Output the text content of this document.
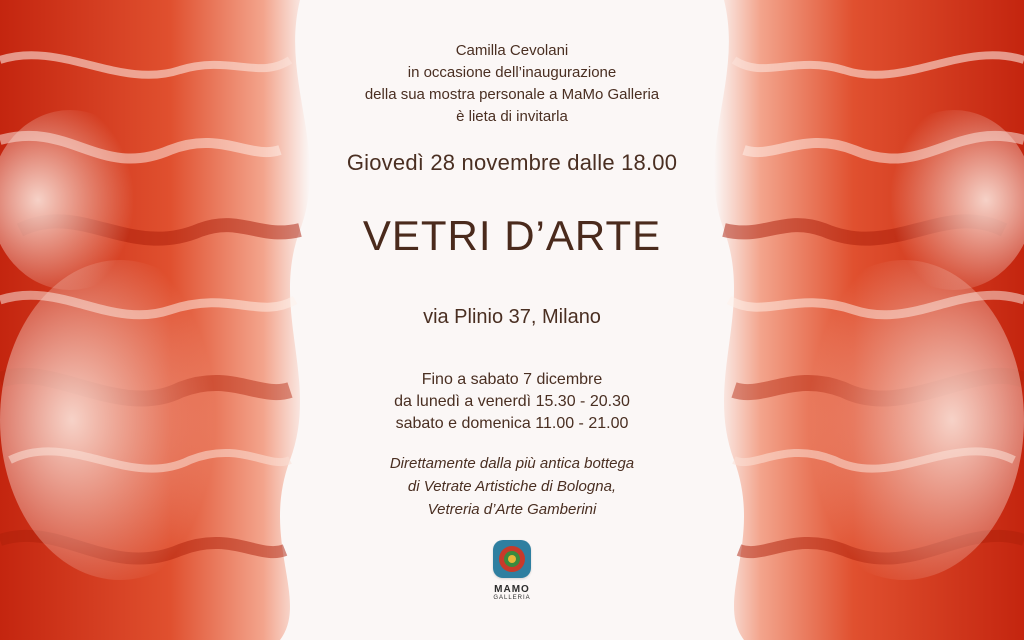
Camilla Cevolani
in occasione dell’inaugurazione
della sua mostra personale a MaMo Galleria
è lieta di invitarla
Giovedì 28 novembre dalle 18.00
VETRI D’ARTE
via Plinio 37, Milano
Fino a sabato 7 dicembre
da lunedì a venerdì 15.30 - 20.30
sabato e domenica 11.00 - 21.00
Direttamente dalla più antica bottega
di Vetrate Artistiche di Bologna,
Vetreria d’Arte Gamberini
MAMO
GALLERIA
